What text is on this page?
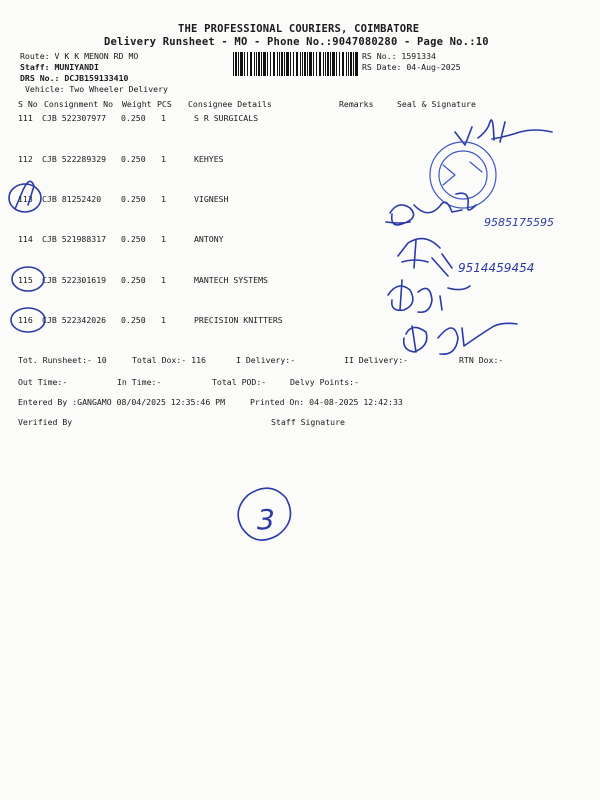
THE PROFESSIONAL COURIERS, COIMBATORE
Delivery Runsheet - MO - Phone No.:9047080280 - Page No.:10
Route: V K K MENON RD MO
Staff: MUNIYANDI
DRS No.: DCJB159133410
Vehicle: Two Wheeler Delivery
RS No.: 1591334
RS Date: 04-Aug-2025
S No Consignment No Weight PCS Consignee Details	Remarks	Seal & Signature
111 CJB 522307977 0.250 1	S R SURGICALS
112 CJB 522289329 0.250 1	KEHYES
113 CJB 81252420 0.250 1	VIGNESH
114 CJB 521988317 0.250 1	ANTONY
115 CJB 522301619 0.250 1	MANTECH SYSTEMS
116 CJB 522342026 0.250 1	PRECISION KNITTERS
Tot. Runsheet:- 10	Total Dox:- 116	I Delivery:-	II Delivery:-	RTN Dox:-
Out Time:-	In Time:-	Total POD:-	Delvy Points:-
Entered By :GANGAMO 08/04/2025 12:35:46 PM	Printed On: 04-08-2025 12:42:33
Verified By	Staff Signature
9585175595
9514459454
3
